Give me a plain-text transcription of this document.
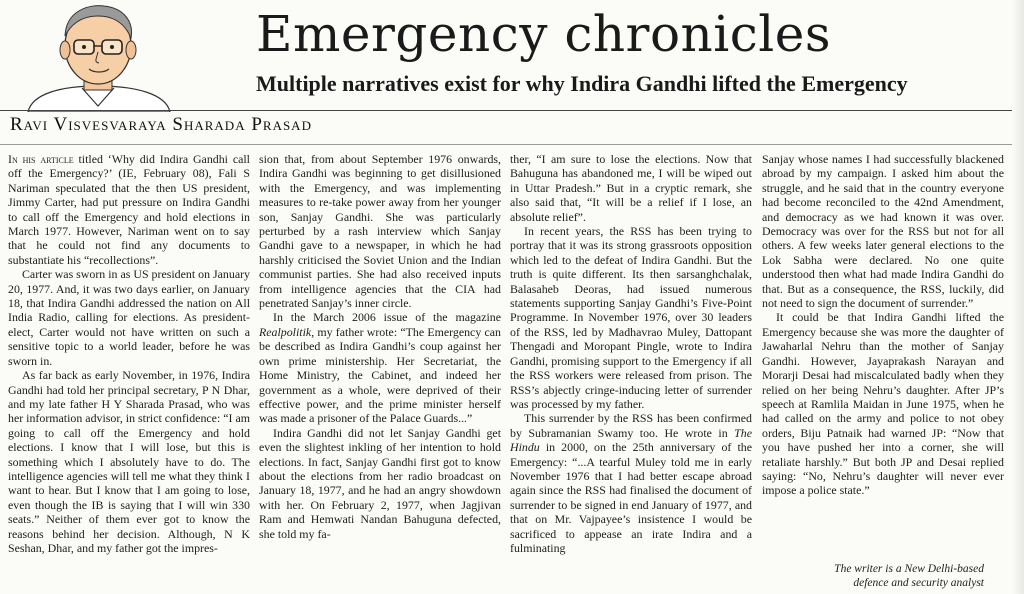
Emergency chronicles
Multiple narratives exist for why Indira Gandhi lifted the Emergency
Ravi Visvesvaraya Sharada Prasad

In his article titled ‘Why did Indira Gandhi call off the Emergency?’ (IE, February 08), Fali S Nariman speculated that the then US president, Jimmy Carter, had put pressure on Indira Gandhi to call off the Emergency and hold elections in March 1977. However, Nariman went on to say that he could not find any documents to substantiate his “recollections”.

Carter was sworn in as US president on January 20, 1977. And, it was two days earlier, on January 18, that Indira Gandhi addressed the nation on All India Radio, calling for elections. As president-elect, Carter would not have written on such a sensitive topic to a world leader, before he was sworn in.

As far back as early November, in 1976, Indira Gandhi had told her principal secretary, P N Dhar, and my late father H Y Sharada Prasad, who was her information advisor, in strict confidence: “I am going to call off the Emergency and hold elections. I know that I will lose, but this is something which I absolutely have to do. The intelligence agencies will tell me what they think I want to hear. But I know that I am going to lose, even though the IB is saying that I will win 330 seats.” Neither of them ever got to know the reasons behind her decision. Although, N K Seshan, Dhar, and my father got the impres-

sion that, from about September 1976 onwards, Indira Gandhi was beginning to get disillusioned with the Emergency, and was implementing measures to re-take power away from her younger son, Sanjay Gandhi. She was particularly perturbed by a rash interview which Sanjay Gandhi gave to a newspaper, in which he had harshly criticised the Soviet Union and the Indian communist parties. She had also received inputs from intelligence agencies that the CIA had penetrated Sanjay’s inner circle.

In the March 2006 issue of the magazine Realpolitik, my father wrote: “The Emergency can be described as Indira Gandhi’s coup against her own prime ministership. Her Secretariat, the Home Ministry, the Cabinet, and indeed her government as a whole, were deprived of their effective power, and the prime minister herself was made a prisoner of the Palace Guards...”

Indira Gandhi did not let Sanjay Gandhi get even the slightest inkling of her intention to hold elections. In fact, Sanjay Gandhi first got to know about the elections from her radio broadcast on January 18, 1977, and he had an angry showdown with her. On February 2, 1977, when Jagjivan Ram and Hemwati Nandan Bahuguna defected, she told my fa-

ther, “I am sure to lose the elections. Now that Bahuguna has abandoned me, I will be wiped out in Uttar Pradesh.” But in a cryptic remark, she also said that, “It will be a relief if I lose, an absolute relief”.

In recent years, the RSS has been trying to portray that it was its strong grassroots opposition which led to the defeat of Indira Gandhi. But the truth is quite different. Its then sarsanghchalak, Balasaheb Deoras, had issued numerous statements supporting Sanjay Gandhi’s Five-Point Programme. In November 1976, over 30 leaders of the RSS, led by Madhavrao Muley, Dattopant Thengadi and Moropant Pingle, wrote to Indira Gandhi, promising support to the Emergency if all the RSS workers were released from prison. The RSS’s abjectly cringe-inducing letter of surrender was processed by my father.

This surrender by the RSS has been confirmed by Subramanian Swamy too. He wrote in The Hindu in 2000, on the 25th anniversary of the Emergency: “...A tearful Muley told me in early November 1976 that I had better escape abroad again since the RSS had finalised the document of surrender to be signed in end January of 1977, and that on Mr. Vajpayee’s insistence I would be sacrificed to appease an irate Indira and a fulminating

Sanjay whose names I had successfully blackened abroad by my campaign. I asked him about the struggle, and he said that in the country everyone had become reconciled to the 42nd Amendment, and democracy as we had known it was over. Democracy was over for the RSS but not for all others. A few weeks later general elections to the Lok Sabha were declared. No one quite understood then what had made Indira Gandhi do that. But as a consequence, the RSS, luckily, did not need to sign the document of surrender.”

It could be that Indira Gandhi lifted the Emergency because she was more the daughter of Jawaharlal Nehru than the mother of Sanjay Gandhi. However, Jayaprakash Narayan and Morarji Desai had miscalculated badly when they relied on her being Nehru’s daughter. After JP’s speech at Ramlila Maidan in June 1975, when he had called on the army and police to not obey orders, Biju Patnaik had warned JP: “Now that you have pushed her into a corner, she will retaliate harshly.” But both JP and Desai replied saying: “No, Nehru’s daughter will never ever impose a police state.”

The writer is a New Delhi-based
defence and security analyst
